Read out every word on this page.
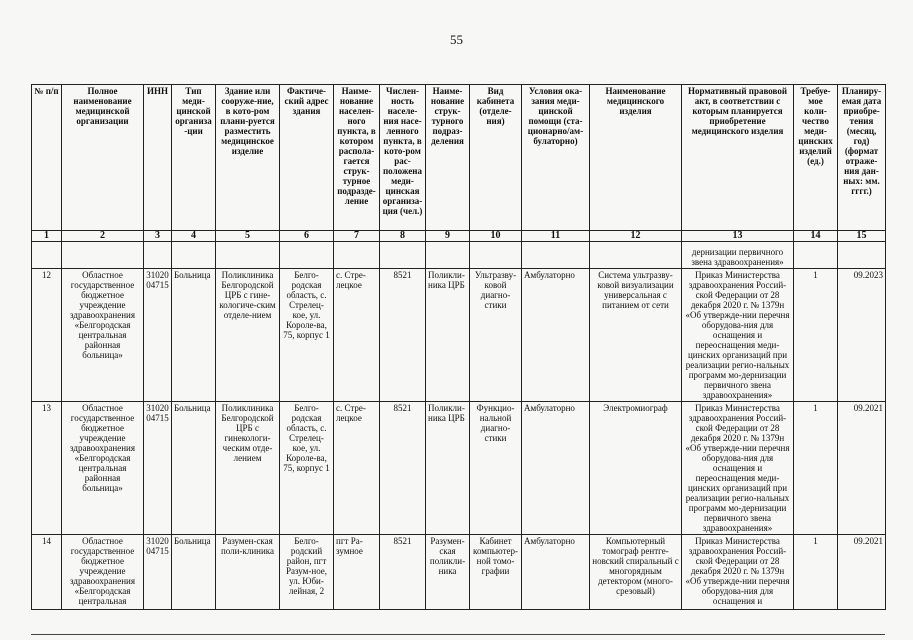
55
№ п/п	Полное наименование медицинской организации	ИНН	Тип меди-цинской организа-ции	Здание или сооруже-ние, в кото-ром плани-руется разместить медицинское изделие	Фактиче-ский адрес здания	Наиме-нование населен-ного пункта, в котором распола-гается струк-турное подразде-ление	Числен-ность населе-ния насе-ленного пункта, в кото-ром рас-положена меди-цинская организа-ция (чел.)	Наиме-нование струк-турного подраз-деления	Вид кабинета (отделе-ния)	Условия ока-зания меди-цинской помощи (ста-ционарно/ам-булаторно)	Наименование медицинского изделия	Нормативный правовой акт, в соответствии с которым планируется приобретение медицинского изделия	Требуе-мое коли-чество меди-цинских изделий (ед.)	Планиру-емая дата приобре-тения (месяц, год) (формат отраже-ния дан-ных: мм. гггг.)
1	2	3	4	5	6	7	8	9	10	11	12	13	14	15
												дернизации первичного звена здравоохранения»		
12	Областное государственное бюджетное учреждение здравоохранения «Белгородская центральная районная больница»	3102004715	Больница	Поликлиника Белгородской ЦРБ с гине-кологиче-ским отделе-нием	Белго-родская область, с. Стрелец-кое, ул. Короле-ва, 75, корпус 1	с. Стре-лецкое	8521	Поликли-ника ЦРБ	Ультразву-ковой диагно-стики	Амбулаторно	Система ультразву-ковой визуализации универсальная с питанием от сети	Приказ Министерства здравоохранения Россий-ской Федерации от 28 декабря 2020 г. № 1379н «Об утвержде-нии перечня оборудова-ния для оснащения и переоснащения меди-цинских организаций при реализации регио-нальных программ мо-дернизации первичного звена здравоохранения»	1	09.2023
13	Областное государственное бюджетное учреждение здравоохранения «Белгородская центральная районная больница»	3102004715	Больница	Поликлиника Белгородской ЦРБ с гинекологи-ческим отде-лением	Белго-родская область, с. Стрелец-кое, ул. Короле-ва, 75, корпус 1	с. Стре-лецкое	8521	Поликли-ника ЦРБ	Функцио-нальной диагно-стики	Амбулаторно	Электромиограф	Приказ Министерства здравоохранения Россий-ской Федерации от 28 декабря 2020 г. № 1379н «Об утвержде-нии перечня оборудова-ния для оснащения и переоснащения меди-цинских организаций при реализации регио-нальных программ мо-дернизации первичного звена здравоохранения»	1	09.2021
14	Областное государственное бюджетное учреждение здравоохранения «Белгородская центральная	3102004715	Больница	Разумен-ская поли-клиника	Белго-родский район, пгт Разум-ное, ул. Юби-лейная, 2	пгт Ра-зумное	8521	Разумен-ская поликли-ника	Кабинет компьютер-ной томо-графии	Амбулаторно	Компьютерный томограф рентге-новский спиральный с многорядным детектором (много-срезовый)	Приказ Министерства здравоохранения Россий-ской Федерации от 28 декабря 2020 г. № 1379н «Об утвержде-нии перечня оборудова-ния для оснащения и	1	09.2021
